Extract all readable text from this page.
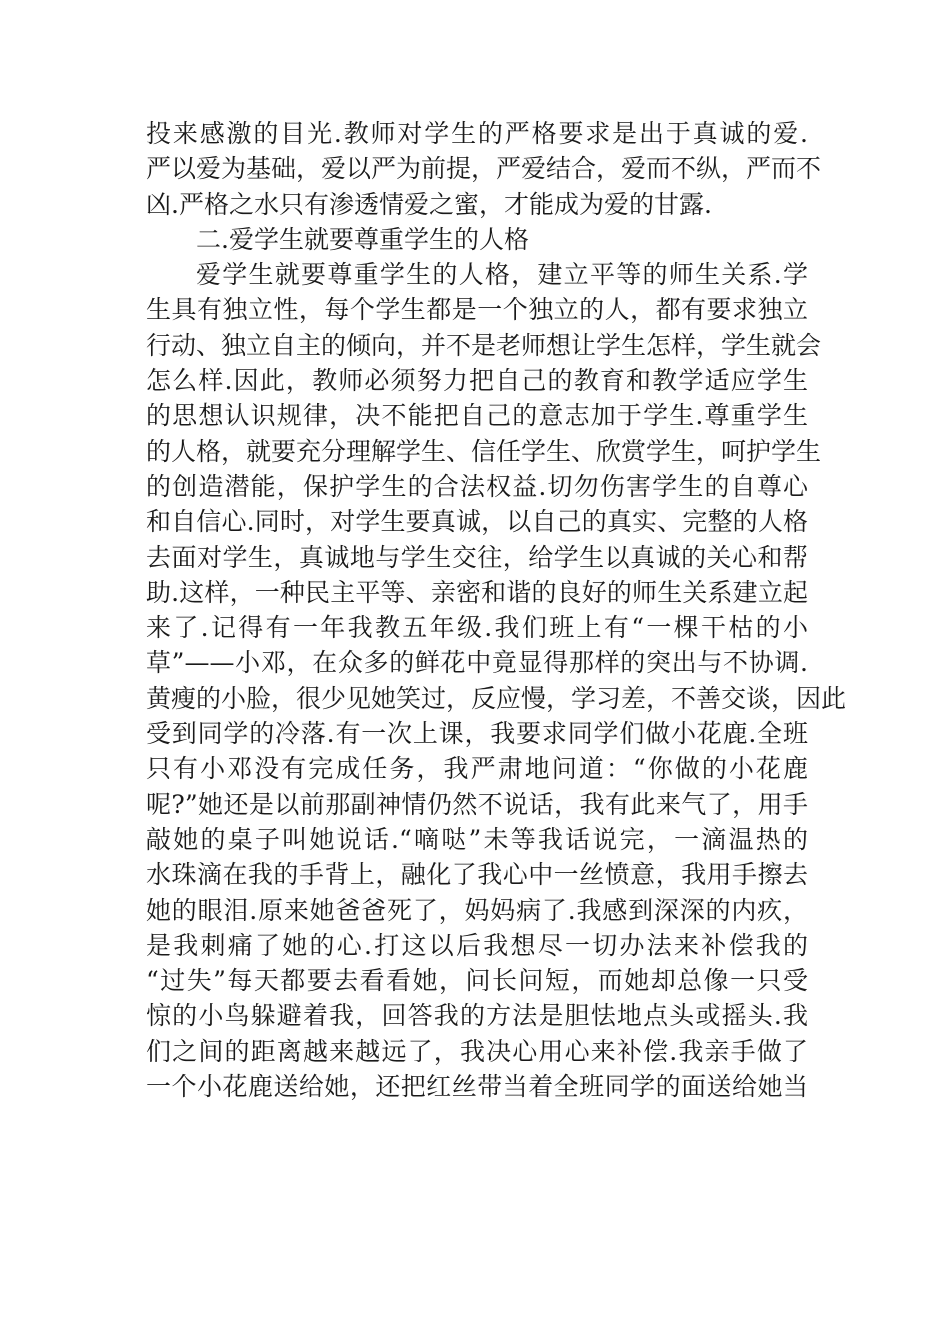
投来感激的目光.教师对学生的严格要求是出于真诚的爱.
严以爱为基础，爱以严为前提，严爱结合，爱而不纵，严而不
凶.严格之水只有渗透情爱之蜜，才能成为爱的甘露.
二.爱学生就要尊重学生的人格
爱学生就要尊重学生的人格，建立平等的师生关系.学
生具有独立性，每个学生都是一个独立的人，都有要求独立
行动、独立自主的倾向，并不是老师想让学生怎样，学生就会
怎么样.因此，教师必须努力把自己的教育和教学适应学生
的思想认识规律，决不能把自己的意志加于学生.尊重学生
的人格，就要充分理解学生、信任学生、欣赏学生，呵护学生
的创造潜能，保护学生的合法权益.切勿伤害学生的自尊心
和自信心.同时，对学生要真诚，以自己的真实、完整的人格
去面对学生，真诚地与学生交往，给学生以真诚的关心和帮
助.这样，一种民主平等、亲密和谐的良好的师生关系建立起
来了.记得有一年我教五年级.我们班上有“一棵干枯的小
草”——小邓，在众多的鲜花中竟显得那样的突出与不协调.
黄瘦的小脸，很少见她笑过，反应慢，学习差，不善交谈，因此
受到同学的冷落.有一次上课，我要求同学们做小花鹿.全班
只有小邓没有完成任务，我严肃地问道：“你做的小花鹿
呢?”她还是以前那副神情仍然不说话，我有此来气了，用手
敲她的桌子叫她说话.“嘀哒”未等我话说完，一滴温热的
水珠滴在我的手背上，融化了我心中一丝愤意，我用手擦去
她的眼泪.原来她爸爸死了，妈妈病了.我感到深深的内疚，
是我刺痛了她的心.打这以后我想尽一切办法来补偿我的
“过失”每天都要去看看她，问长问短，而她却总像一只受
惊的小鸟躲避着我，回答我的方法是胆怯地点头或摇头.我
们之间的距离越来越远了，我决心用心来补偿.我亲手做了
一个小花鹿送给她，还把红丝带当着全班同学的面送给她当
